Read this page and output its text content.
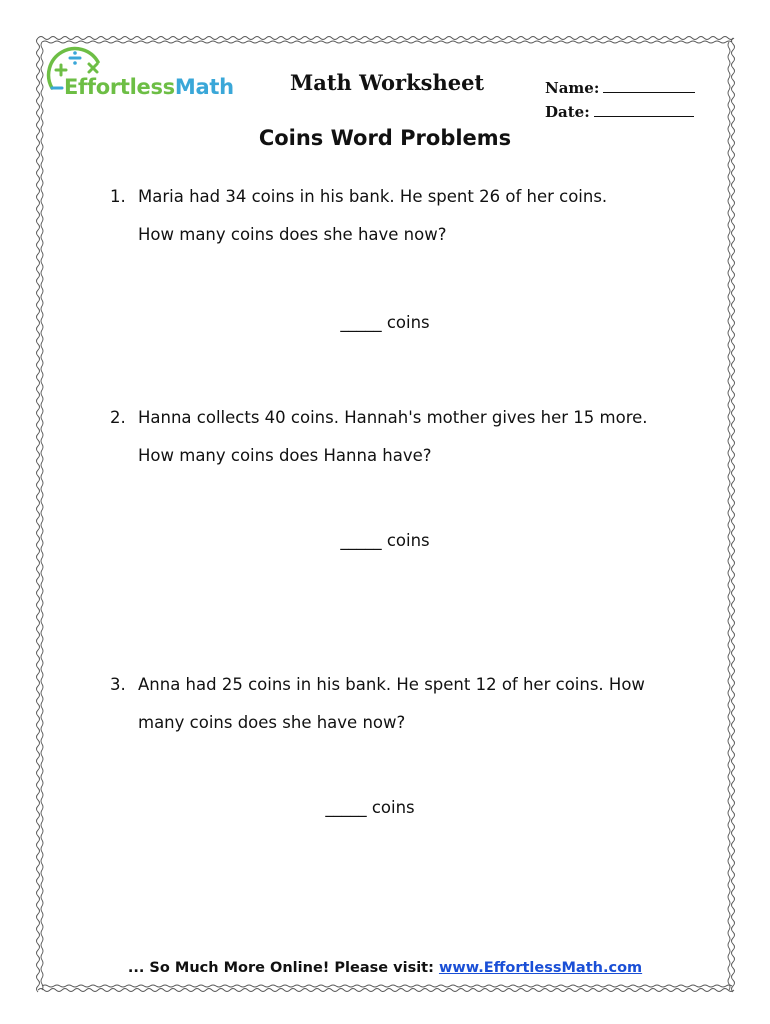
EffortlessMath	Math Worksheet	Name:
Date:
Coins Word Problems
1. Maria had 34 coins in his bank. He spent 26 of her coins.
How many coins does she have now?
_____ coins
2. Hanna collects 40 coins. Hannah's mother gives her 15 more.
How many coins does Hanna have?
_____ coins
3. Anna had 25 coins in his bank. He spent 12 of her coins. How
many coins does she have now?
_____ coins
... So Much More Online! Please visit: www.EffortlessMath.com
